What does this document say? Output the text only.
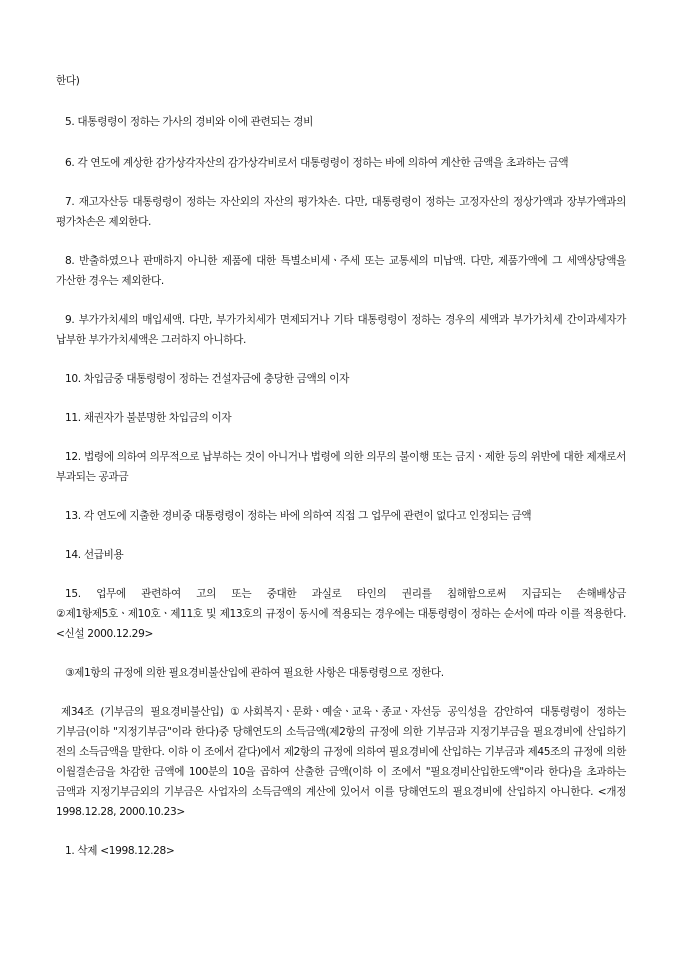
한다)

5. 대통령령이 정하는 가사의 경비와 이에 관련되는 경비

6. 각 연도에 계상한 감가상각자산의 감가상각비로서 대통령령이 정하는 바에 의하여 계산한 금액을 초과하는 금액

7. 재고자산등 대통령령이 정하는 자산외의 자산의 평가차손. 다만, 대통령령이 정하는 고정자산의 정상가액과 장부가액과의 평가차손은 제외한다.

8. 반출하였으나 판매하지 아니한 제품에 대한 특별소비세ㆍ주세 또는 교통세의 미납액. 다만, 제품가액에 그 세액상당액을 가산한 경우는 제외한다.

9. 부가가치세의 매입세액. 다만, 부가가치세가 면제되거나 기타 대통령령이 정하는 경우의 세액과 부가가치세 간이과세자가 납부한 부가가치세액은 그러하지 아니하다.

10. 차입금중 대통령령이 정하는 건설자금에 충당한 금액의 이자

11. 채권자가 불분명한 차입금의 이자

12. 법령에 의하여 의무적으로 납부하는 것이 아니거나 법령에 의한 의무의 불이행 또는 금지ㆍ제한 등의 위반에 대한 제재로서 부과되는 공과금

13. 각 연도에 지출한 경비중 대통령령이 정하는 바에 의하여 직접 그 업무에 관련이 없다고 인정되는 금액

14. 선급비용

15. 업무에 관련하여 고의 또는 중대한 과실로 타인의 권리를 침해함으로써 지급되는 손해배상금 ②제1항제5호ㆍ제10호ㆍ제11호 및 제13호의 규정이 동시에 적용되는 경우에는 대통령령이 정하는 순서에 따라 이를 적용한다. <신설 2000.12.29>

③제1항의 규정에 의한 필요경비불산입에 관하여 필요한 사항은 대통령령으로 정한다.

제34조 (기부금의 필요경비불산입) ①사회복지ㆍ문화ㆍ예술ㆍ교육ㆍ종교ㆍ자선등 공익성을 감안하여 대통령령이 정하는 기부금(이하 "지정기부금"이라 한다)중 당해연도의 소득금액(제2항의 규정에 의한 기부금과 지정기부금을 필요경비에 산입하기 전의 소득금액을 말한다. 이하 이 조에서 같다)에서 제2항의 규정에 의하여 필요경비에 산입하는 기부금과 제45조의 규정에 의한 이월결손금을 차감한 금액에 100분의 10을 곱하여 산출한 금액(이하 이 조에서 "필요경비산입한도액"이라 한다)을 초과하는 금액과 지정기부금외의 기부금은 사업자의 소득금액의 계산에 있어서 이를 당해연도의 필요경비에 산입하지 아니한다. <개정 1998.12.28, 2000.10.23>

1. 삭제 <1998.12.28>
